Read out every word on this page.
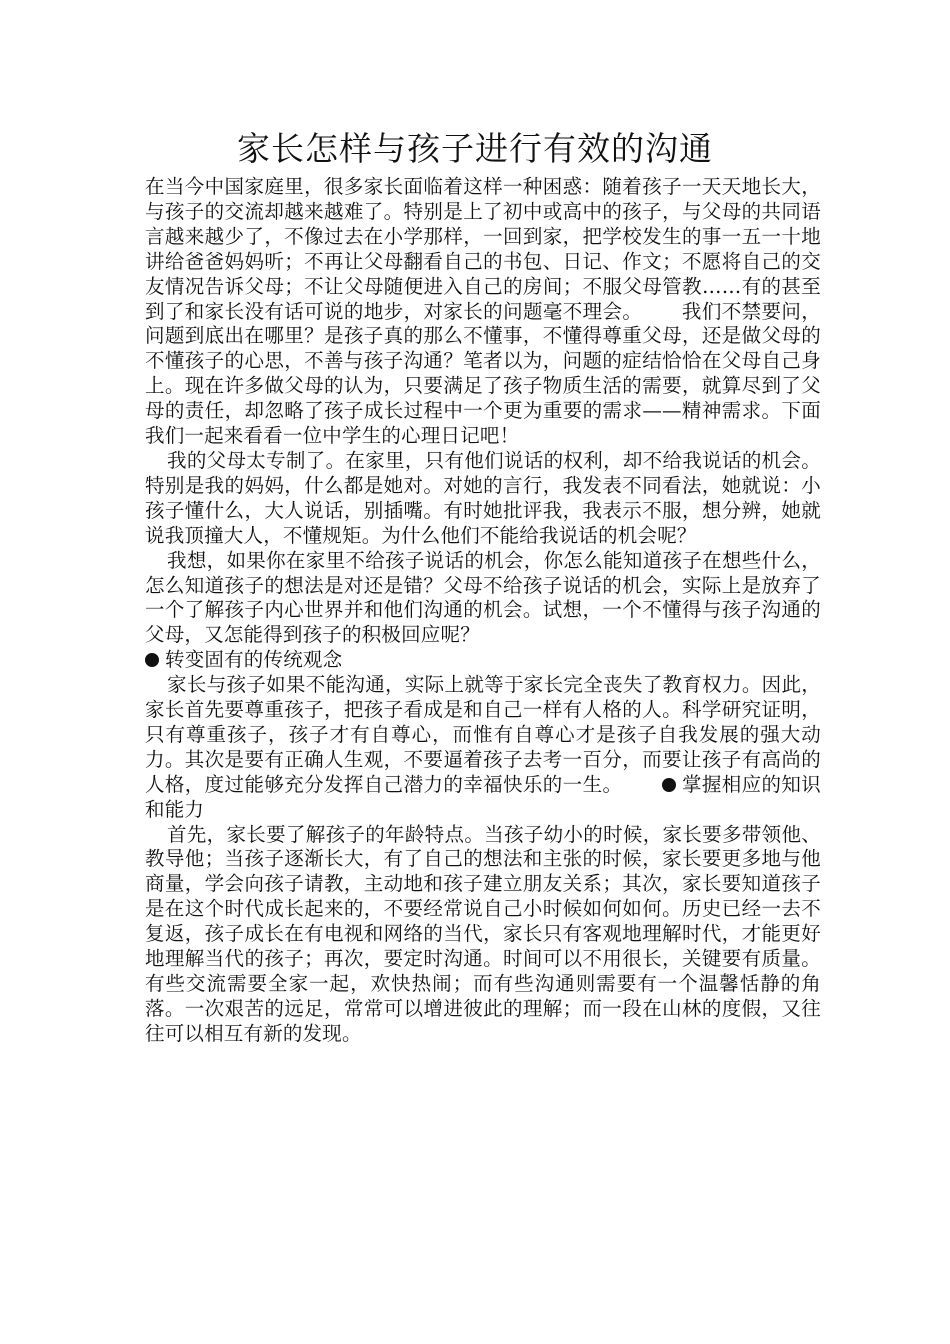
家长怎样与孩子进行有效的沟通

在当今中国家庭里，很多家长面临着这样一种困惑：随着孩子一天天地长大，与孩子的交流却越来越难了。特别是上了初中或高中的孩子，与父母的共同语言越来越少了，不像过去在小学那样，一回到家，把学校发生的事一五一十地讲给爸爸妈妈听；不再让父母翻看自己的书包、日记、作文；不愿将自己的交友情况告诉父母；不让父母随便进入自己的房间；不服父母管教……有的甚至到了和家长没有话可说的地步，对家长的问题毫不理会。   我们不禁要问，问题到底出在哪里？是孩子真的那么不懂事，不懂得尊重父母，还是做父母的不懂孩子的心思，不善与孩子沟通？笔者以为，问题的症结恰恰在父母自己身上。现在许多做父母的认为，只要满足了孩子物质生活的需要，就算尽到了父母的责任，却忽略了孩子成长过程中一个更为重要的需求——精神需求。下面我们一起来看看一位中学生的心理日记吧！

我的父母太专制了。在家里，只有他们说话的权利，却不给我说话的机会。特别是我的妈妈，什么都是她对。对她的言行，我发表不同看法，她就说：小孩子懂什么，大人说话，别插嘴。有时她批评我，我表示不服，想分辨，她就说我顶撞大人，不懂规矩。为什么他们不能给我说话的机会呢？

我想，如果你在家里不给孩子说话的机会，你怎么能知道孩子在想些什么，怎么知道孩子的想法是对还是错？父母不给孩子说话的机会，实际上是放弃了一个了解孩子内心世界并和他们沟通的机会。试想，一个不懂得与孩子沟通的父母，又怎能得到孩子的积极回应呢？

转变固有的传统观念

家长与孩子如果不能沟通，实际上就等于家长完全丧失了教育权力。因此，家长首先要尊重孩子，把孩子看成是和自己一样有人格的人。科学研究证明，只有尊重孩子，孩子才有自尊心，而惟有自尊心才是孩子自我发展的强大动力。其次是要有正确人生观，不要逼着孩子去考一百分，而要让孩子有高尚的人格，度过能够充分发挥自己潜力的幸福快乐的一生。  	掌握相应的知识和能力

首先，家长要了解孩子的年龄特点。当孩子幼小的时候，家长要多带领他、教导他；当孩子逐渐长大，有了自己的想法和主张的时候，家长要更多地与他商量，学会向孩子请教，主动地和孩子建立朋友关系；其次，家长要知道孩子是在这个时代成长起来的，不要经常说自己小时候如何如何。历史已经一去不复返，孩子成长在有电视和网络的当代，家长只有客观地理解时代，才能更好地理解当代的孩子；再次，要定时沟通。时间可以不用很长，关键要有质量。有些交流需要全家一起，欢快热闹；而有些沟通则需要有一个温馨恬静的角落。一次艰苦的远足，常常可以增进彼此的理解；而一段在山林的度假，又往往可以相互有新的发现。
